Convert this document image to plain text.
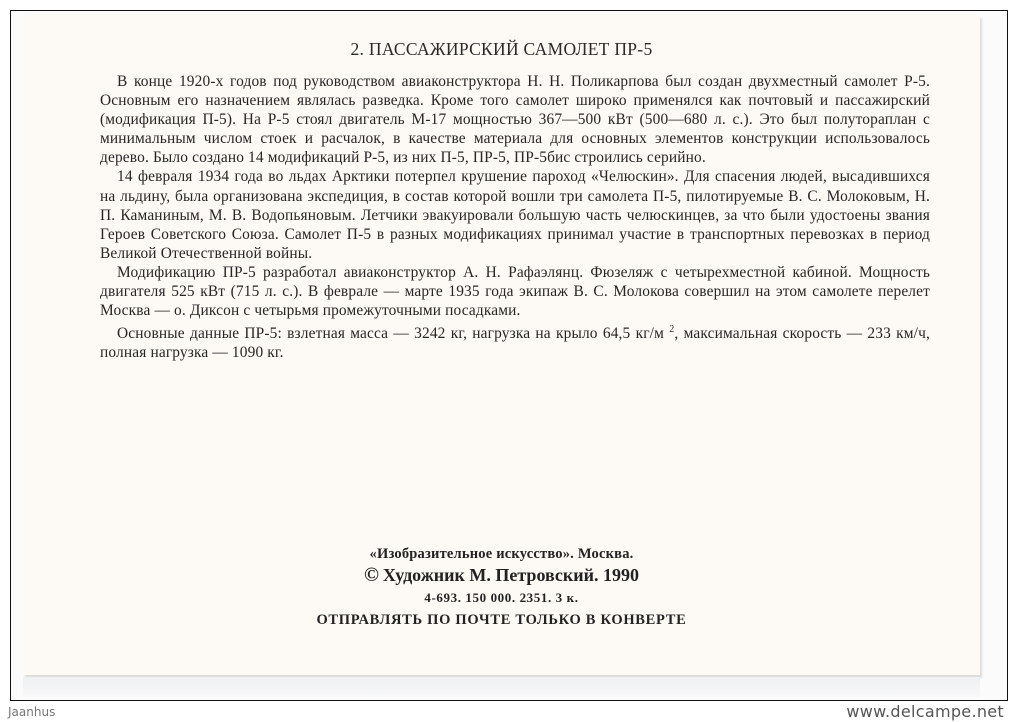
2. ПАССАЖИРСКИЙ САМОЛЕТ ПР-5

В конце 1920-х годов под руководством авиаконструктора Н. Н. Поликарпова был создан двухместный самолет Р-5. Основным его назначением являлась разведка. Кроме того самолет широко применялся как почтовый и пассажирский (модификация П-5). На Р-5 стоял двигатель М-17 мощностью 367—500 кВт (500—680 л. с.). Это был полутораплан с минимальным числом стоек и расчалок, в качестве материала для основных элементов конструкции использовалось дерево. Было создано 14 модификаций Р-5, из них П-5, ПР-5, ПР-5бис строились серийно.

14 февраля 1934 года во льдах Арктики потерпел крушение пароход «Челюскин». Для спасения людей, высадившихся на льдину, была организована экспедиция, в состав которой вошли три самолета П-5, пилотируемые В. С. Молоковым, Н. П. Каманиным, М. В. Водопьяновым. Летчики эвакуировали большую часть челюскинцев, за что были удостоены звания Героев Советского Союза. Самолет П-5 в разных модификациях принимал участие в транспортных перевозках в период Великой Отечественной войны.

Модификацию ПР-5 разработал авиаконструктор А. Н. Рафаэлянц. Фюзеляж с четырехместной кабиной. Мощность двигателя 525 кВт (715 л. с.). В феврале — марте 1935 года экипаж В. С. Молокова совершил на этом самолете перелет Москва — о. Диксон с четырьмя промежуточными посадками.

Основные данные ПР-5: взлетная масса — 3242 кг, нагрузка на крыло 64,5 кг/м $^2$, максимальная скорость — 233 км/ч, полная нагрузка — 1090 кг.

«Изобразительное искусство». Москва.
© Художник М. Петровский. 1990
4-693. 150 000. 2351. 3 к.
ОТПРАВЛЯТЬ ПО ПОЧТЕ ТОЛЬКО В КОНВЕРТЕ
Jaanhus	www.delcampe.net
